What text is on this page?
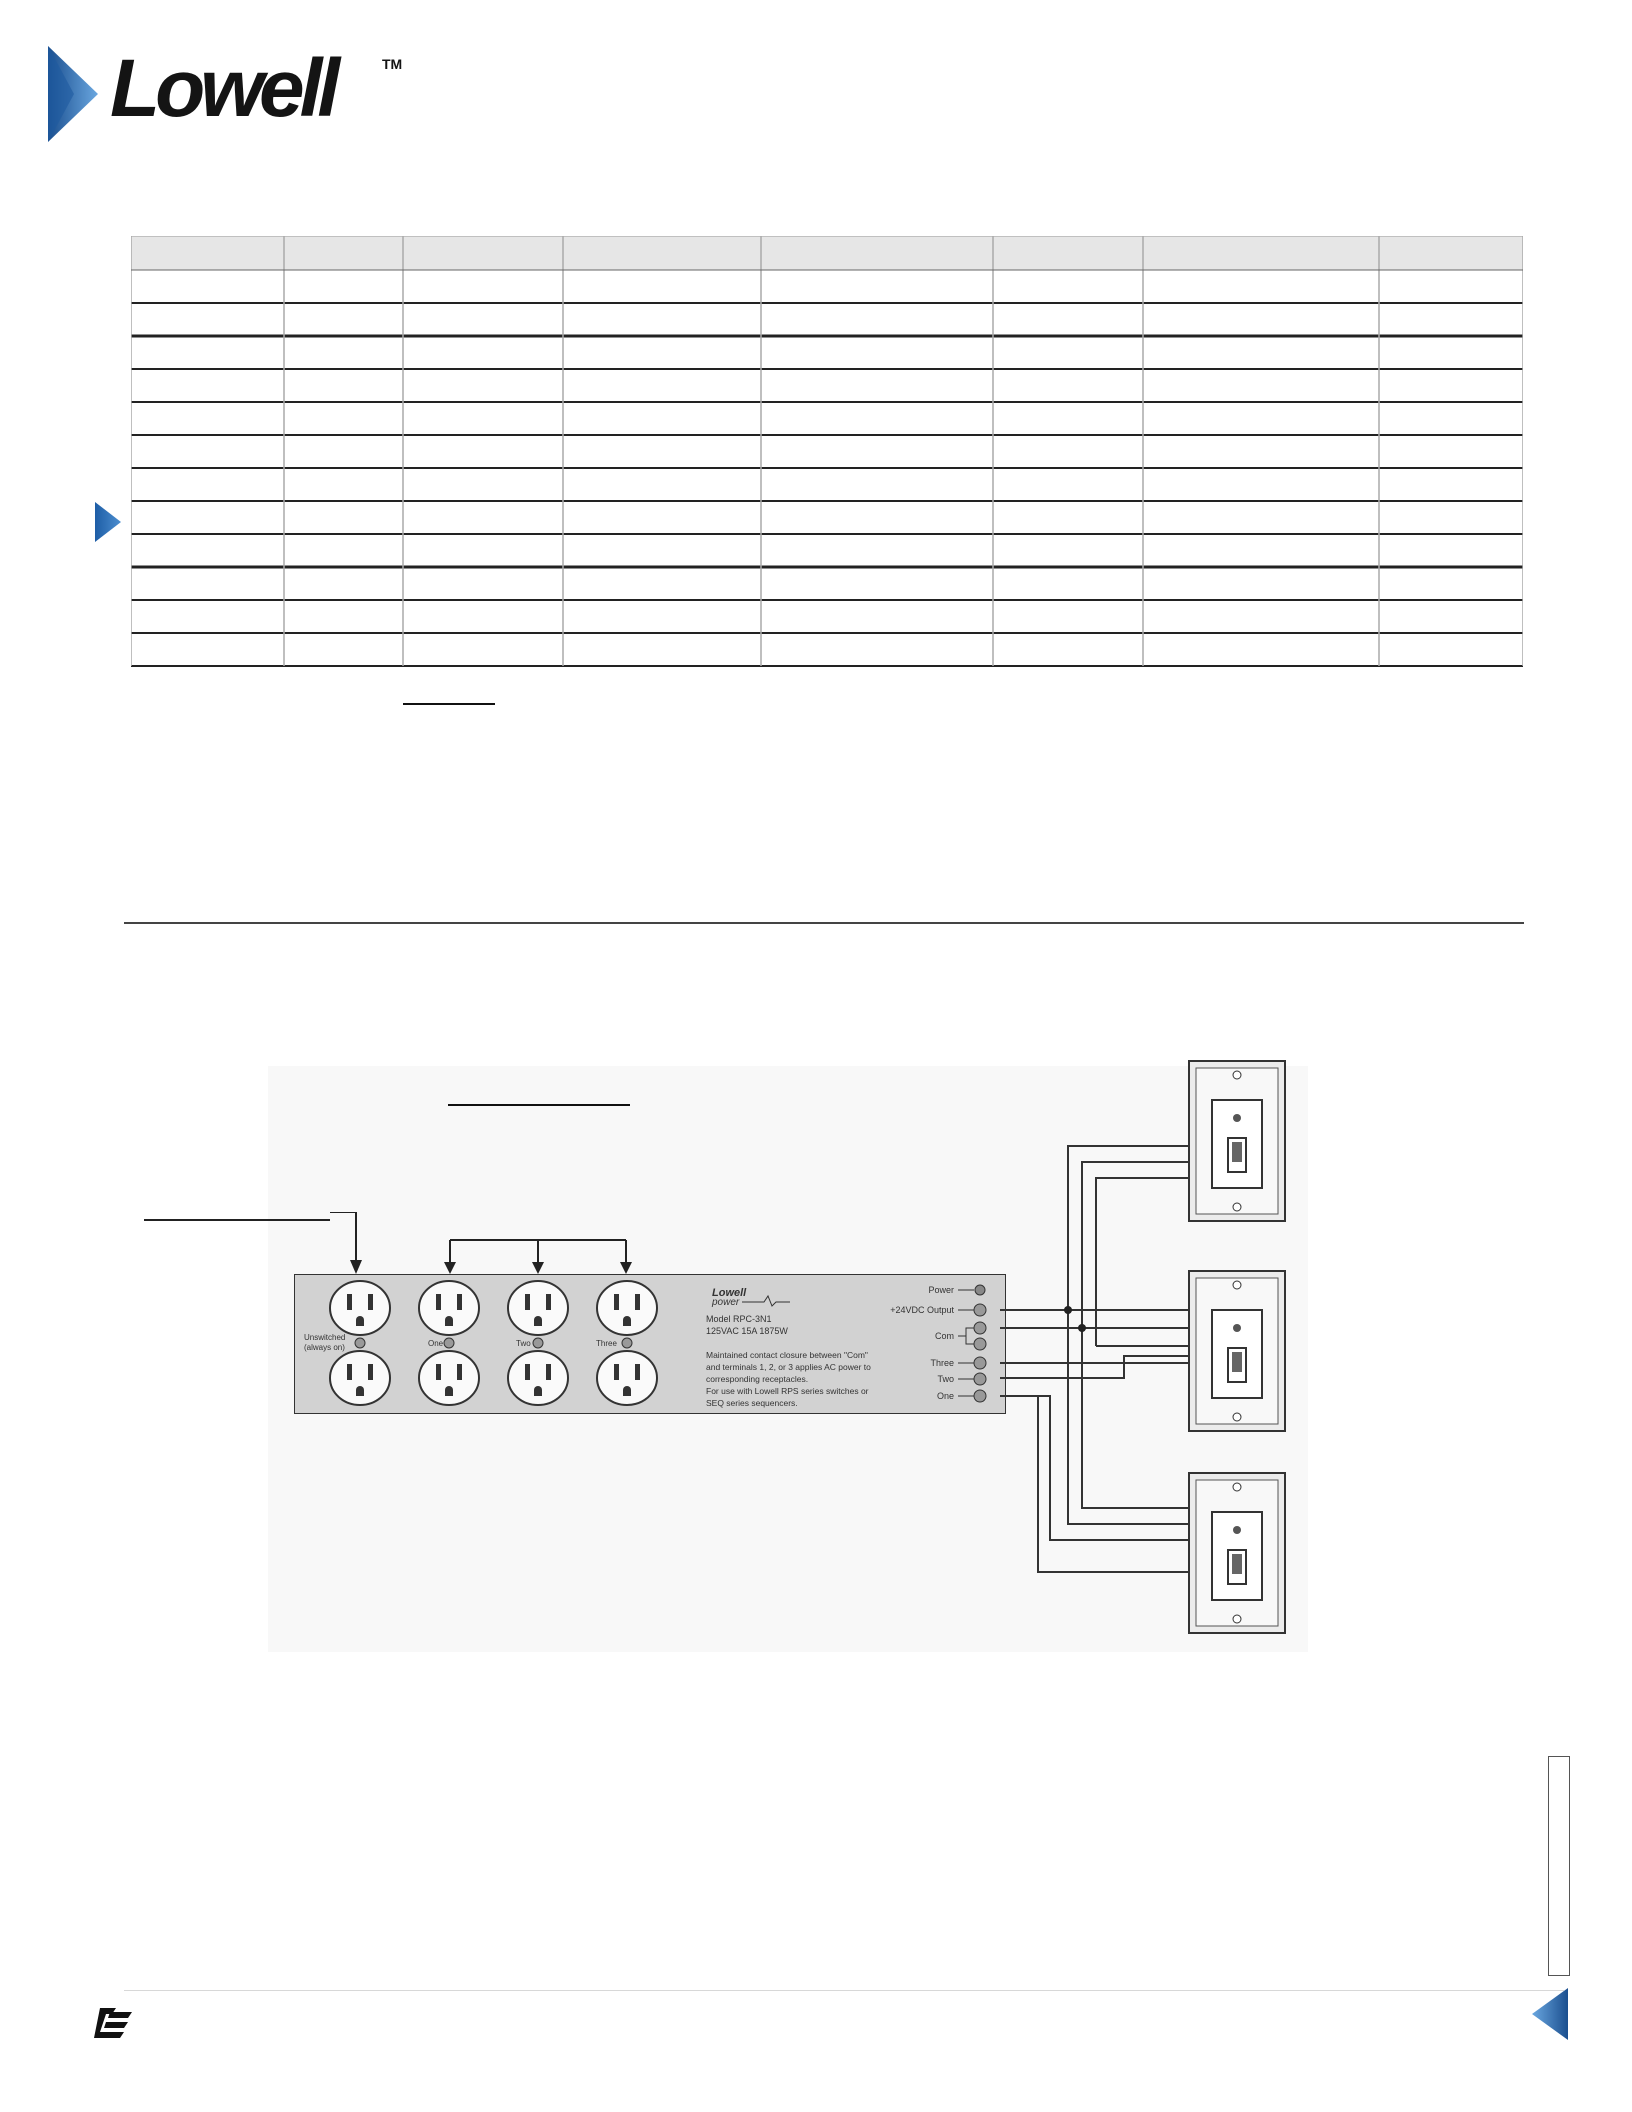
Lowell	TM
Unswitched
(always on)	One	Two	Three
Lowell
power
Model RPC-3N1
125VAC 15A 1875W
Maintained contact closure between "Com"
and terminals 1, 2, or 3 applies AC power to
corresponding receptacles.
For use with Lowell RPS series switches or
SEQ series sequencers.
Power
+24VDC Output
Com
Three
Two
One
